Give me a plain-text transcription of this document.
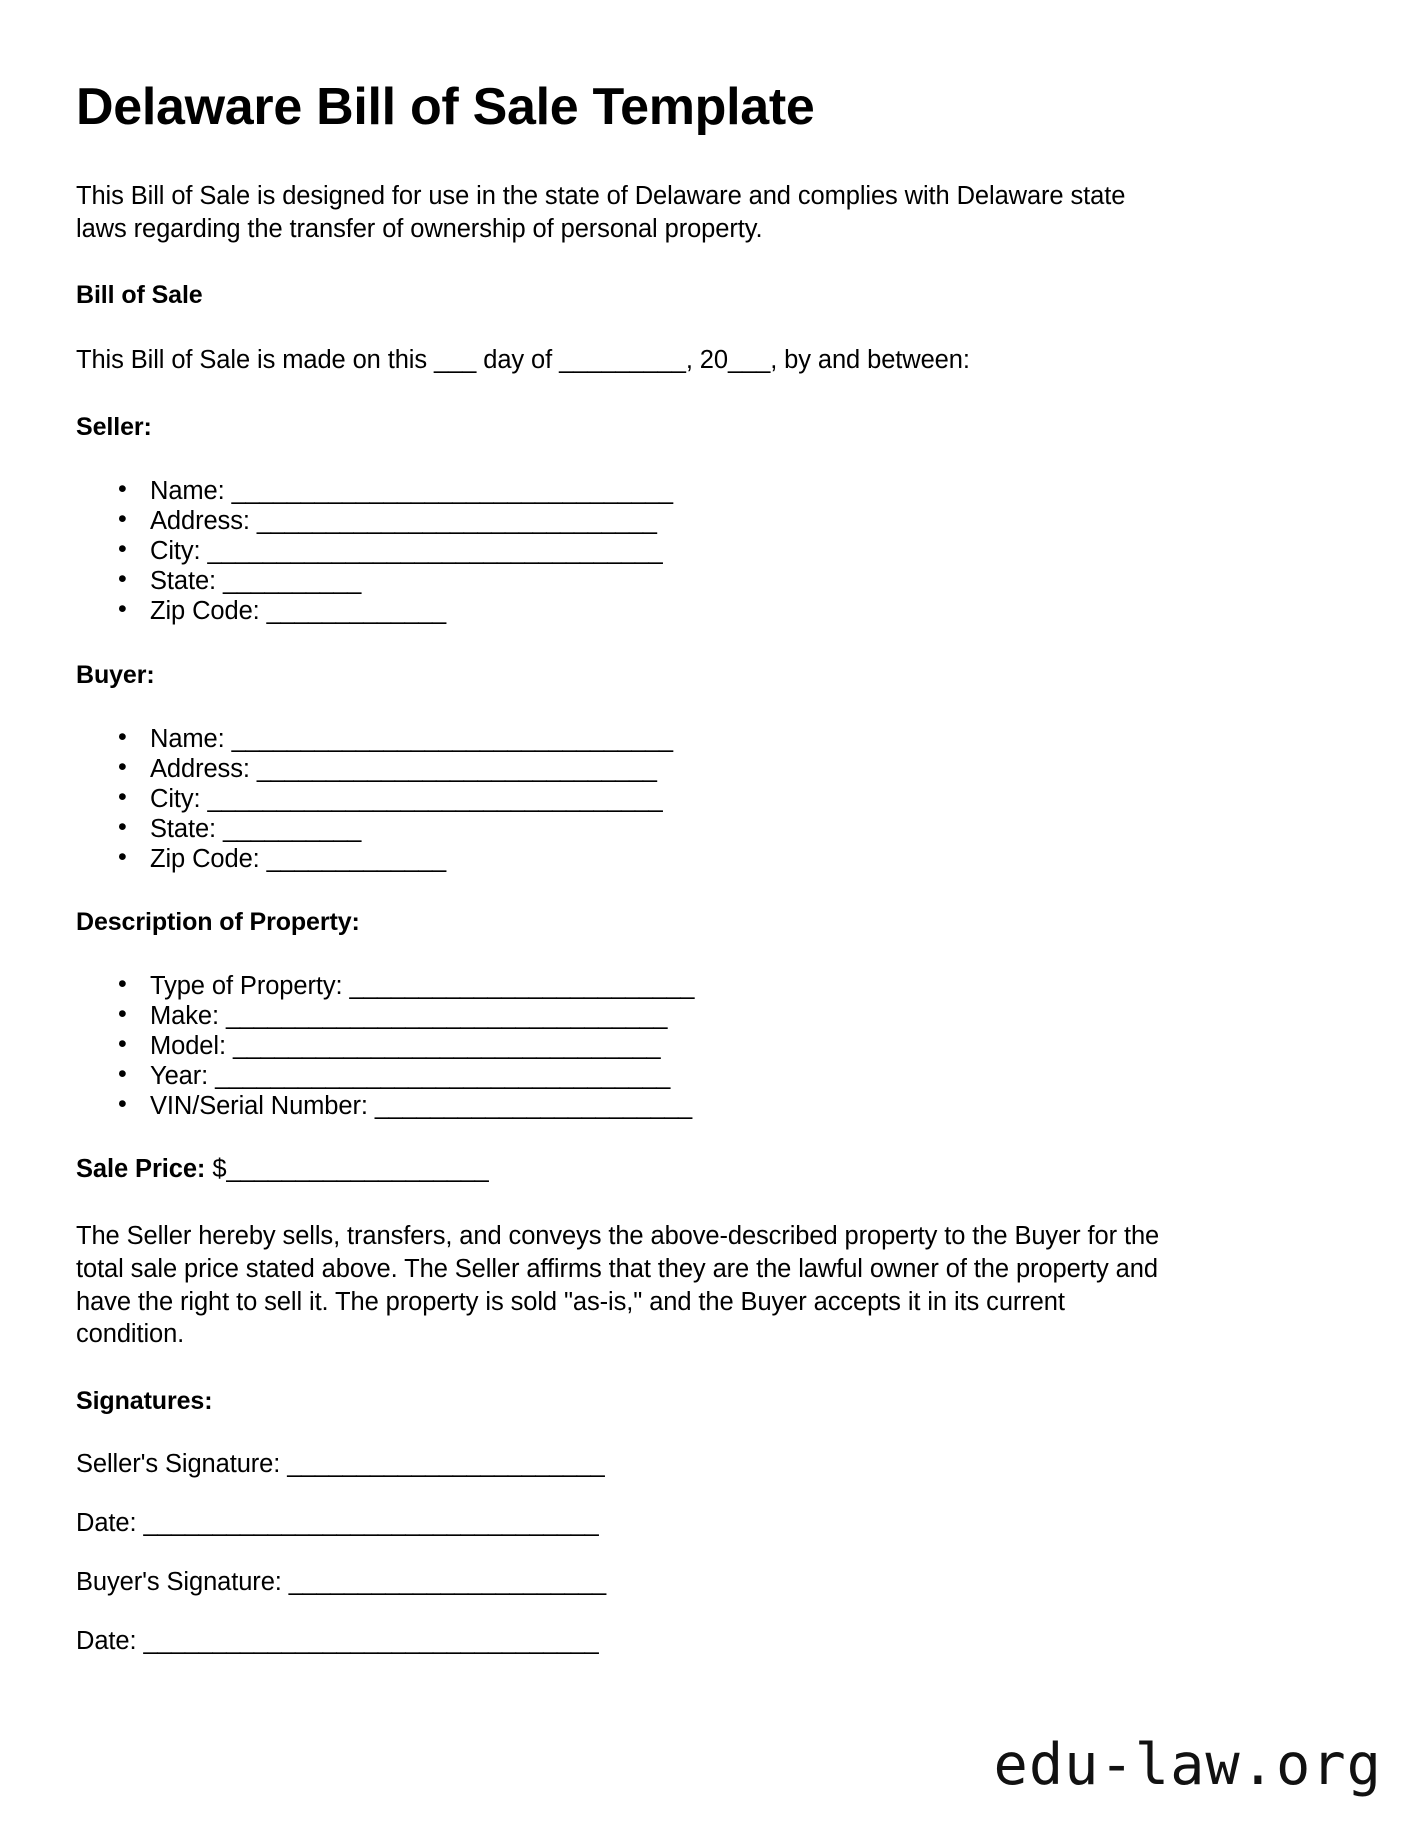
Delaware Bill of Sale Template

This Bill of Sale is designed for use in the state of Delaware and complies with Delaware state laws regarding the transfer of ownership of personal property.

Bill of Sale

This Bill of Sale is made on this ___ day of _________, 20___, by and between:

Seller:
• Name: ________________________________
• Address: _____________________________
• City: _________________________________
• State: __________
• Zip Code: _____________
Buyer:
• Name: ________________________________
• Address: _____________________________
• City: _________________________________
• State: __________
• Zip Code: _____________
Description of Property:
• Type of Property: _________________________
• Make: ________________________________
• Model: _______________________________
• Year: _________________________________
• VIN/Serial Number: _______________________

Sale Price: $___________________

The Seller hereby sells, transfers, and conveys the above-described property to the Buyer for the total sale price stated above. The Seller affirms that they are the lawful owner of the property and have the right to sell it. The property is sold "as-is," and the Buyer accepts it in its current condition.

Signatures:

Seller's Signature: _______________________

Date: _________________________________

Buyer's Signature: _______________________

Date: _________________________________

edu-law.org
